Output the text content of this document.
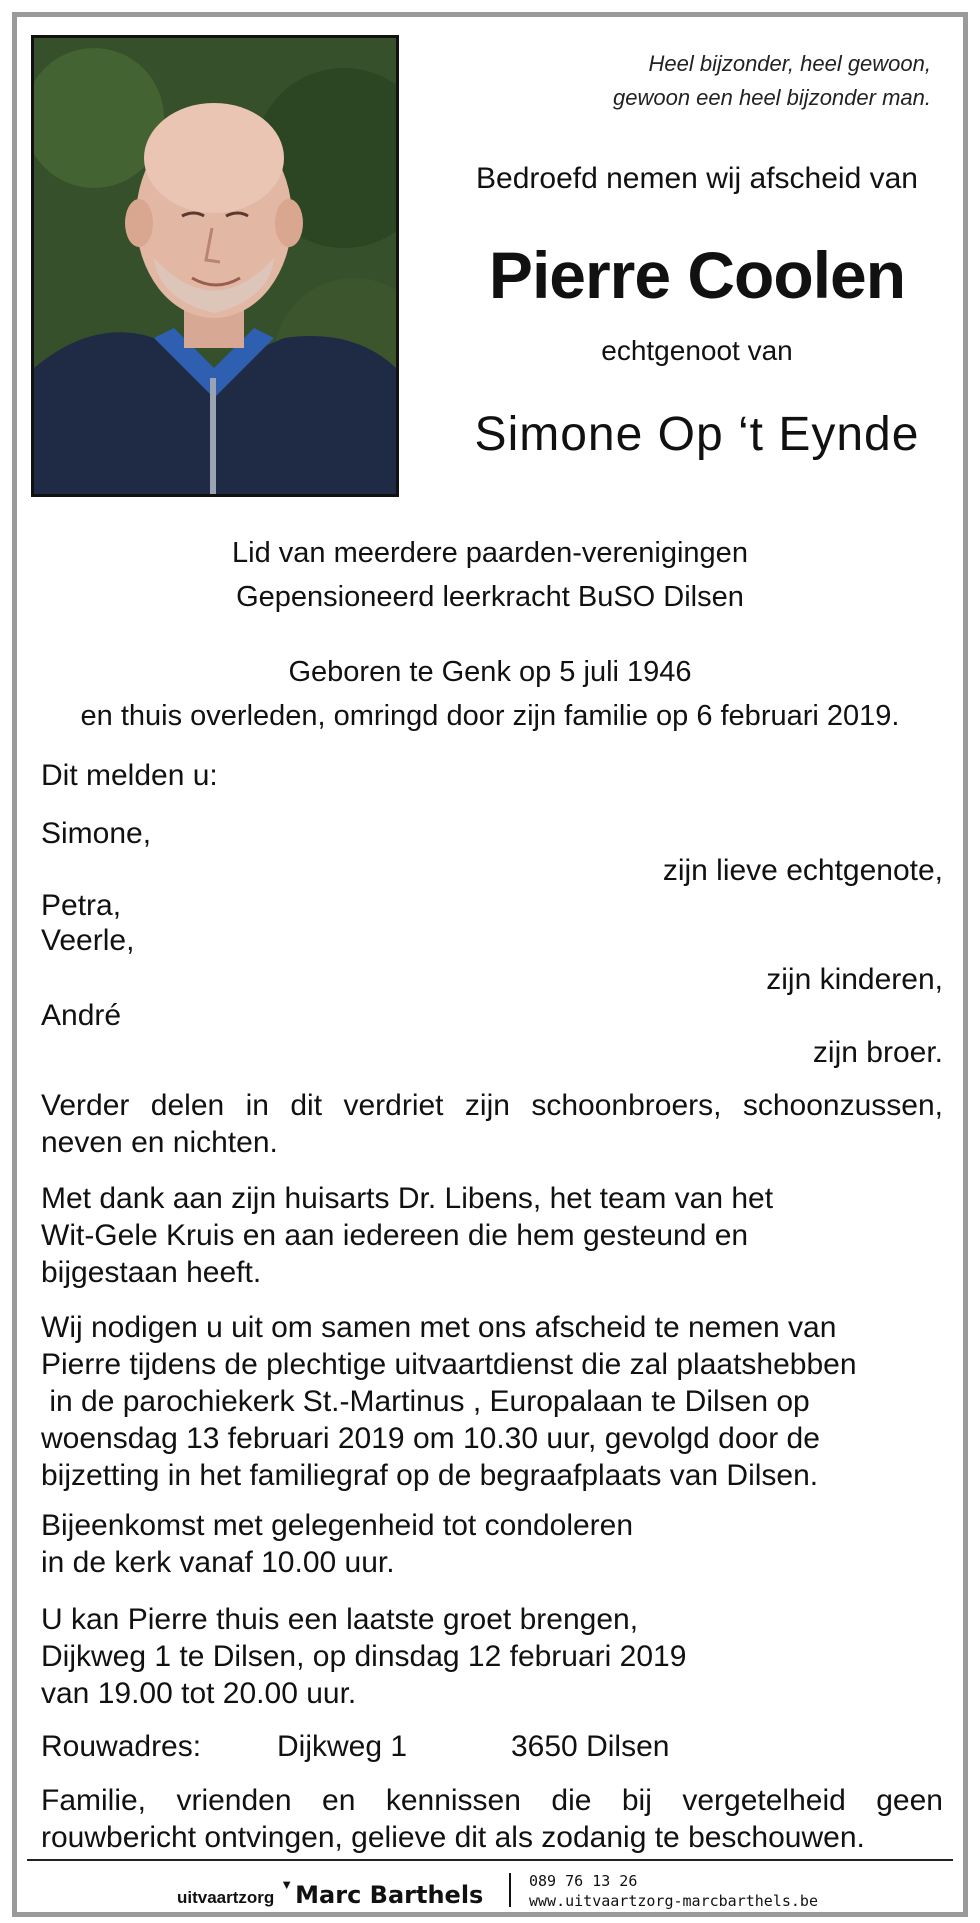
Heel bijzonder, heel gewoon,
gewoon een heel bijzonder man.
Bedroefd nemen wij afscheid van
Pierre Coolen
echtgenoot van
Simone Op ‘t Eynde
Lid van meerdere paarden-verenigingen
Gepensioneerd leerkracht BuSO Dilsen
Geboren te Genk op 5 juli 1946
en thuis overleden, omringd door zijn familie op 6 februari 2019.
Dit melden u:
Simone,
zijn lieve echtgenote,
Petra,
Veerle,
zijn kinderen,
André
zijn broer.
Verder delen in dit verdriet zijn schoonbroers, schoonzussen,
neven en nichten.
Met dank aan zijn huisarts Dr. Libens, het team van het
Wit-Gele Kruis en aan iedereen die hem gesteund en
bijgestaan heeft.
Wij nodigen u uit om samen met ons afscheid te nemen van
Pierre tijdens de plechtige uitvaartdienst die zal plaatshebben
in de parochiekerk St.-Martinus , Europalaan te Dilsen op
woensdag 13 februari 2019 om 10.30 uur, gevolgd door de
bijzetting in het familiegraf op de begraafplaats van Dilsen.
Bijeenkomst met gelegenheid tot condoleren
in de kerk vanaf 10.00 uur.
U kan Pierre thuis een laatste groet brengen,
Dijkweg 1 te Dilsen, op dinsdag 12 februari 2019
van 19.00 tot 20.00 uur.
Rouwadres:	Dijkweg 1	3650 Dilsen
Familie, vrienden en kennissen die bij vergetelheid geen
rouwbericht ontvingen, gelieve dit als zodanig te beschouwen.
uitvaartzorg▼Marc Barthels	089 76 13 26
www.uitvaartzorg-marcbarthels.be
